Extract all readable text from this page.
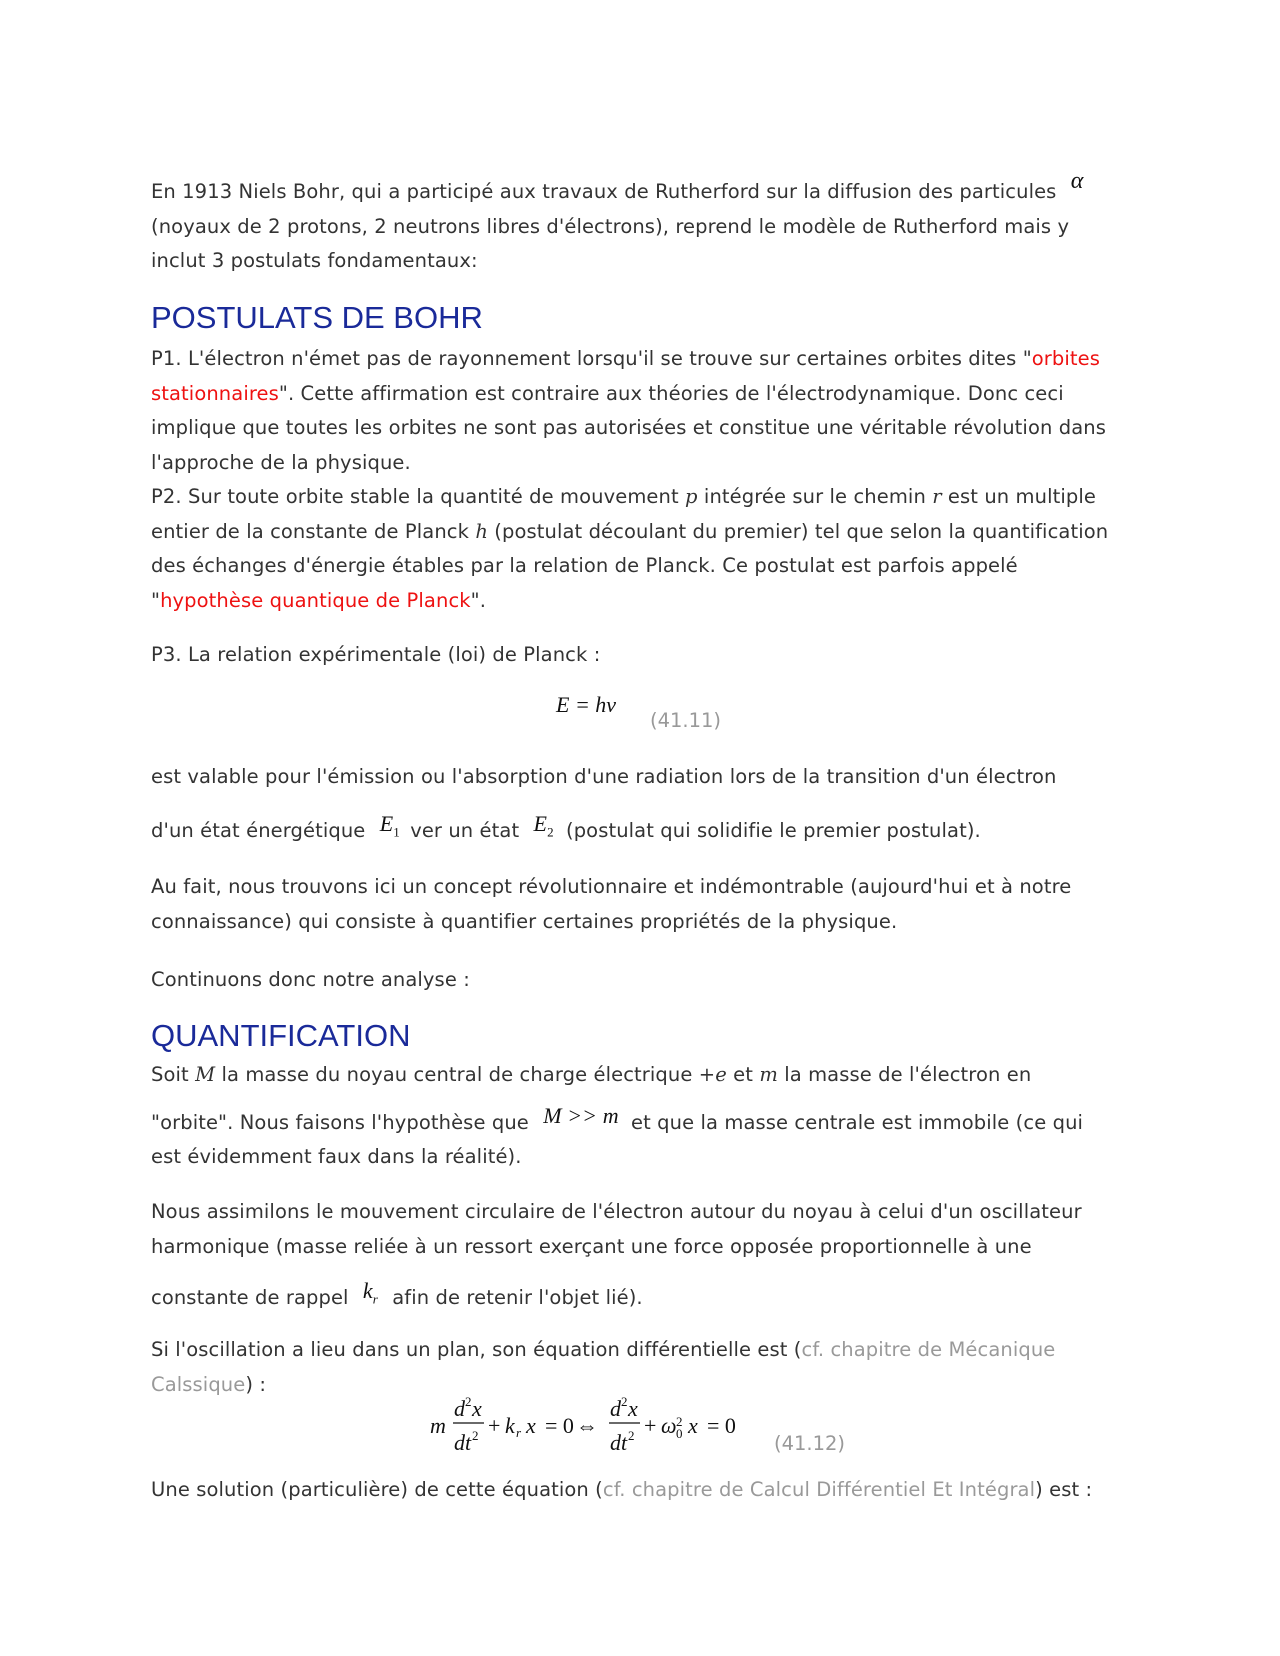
En 1913 Niels Bohr, qui a participé aux travaux de Rutherford sur la diffusion des particules α
(noyaux de 2 protons, 2 neutrons libres d'électrons), reprend le modèle de Rutherford mais y
inclut 3 postulats fondamentaux:
POSTULATS DE BOHR
P1. L'électron n'émet pas de rayonnement lorsqu'il se trouve sur certaines orbites dites "orbites stationnaires". Cette affirmation est contraire aux théories de l'électrodynamique. Donc ceci implique que toutes les orbites ne sont pas autorisées et constitue une véritable révolution dans l'approche de la physique.
P2. Sur toute orbite stable la quantité de mouvement p intégrée sur le chemin r est un multiple entier de la constante de Planck h (postulat découlant du premier) tel que selon la quantification des échanges d'énergie étables par la relation de Planck. Ce postulat est parfois appelé "hypothèse quantique de Planck".
P3. La relation expérimentale (loi) de Planck :
E = hν
(41.11)
est valable pour l'émission ou l'absorption d'une radiation lors de la transition d'un électron
d'un état énergétique $E_1$ ver un état $E_2$ (postulat qui solidifie le premier postulat).
Au fait, nous trouvons ici un concept révolutionnaire et indémontrable (aujourd'hui et à notre connaissance) qui consiste à quantifier certaines propriétés de la physique.
Continuons donc notre analyse :
QUANTIFICATION
Soit M la masse du noyau central de charge électrique +e et m la masse de l'électron en
"orbite". Nous faisons l'hypothèse que M >> m et que la masse centrale est immobile (ce qui
est évidemment faux dans la réalité).
Nous assimilons le mouvement circulaire de l'électron autour du noyau à celui d'un oscillateur harmonique (masse reliée à un ressort exerçant une force opposée proportionnelle à une
constante de rappel $k_r$ afin de retenir l'objet lié).
Si l'oscillation a lieu dans un plan, son équation différentielle est (cf. chapitre de Mécanique Calssique) :
m
d 2 x
dt 2 + k r x = 0 ⇔
d 2 x
dt 2 + ω 2
0 x = 0
(41.12)
Une solution (particulière) de cette équation (cf. chapitre de Calcul Différentiel Et Intégral) est :
